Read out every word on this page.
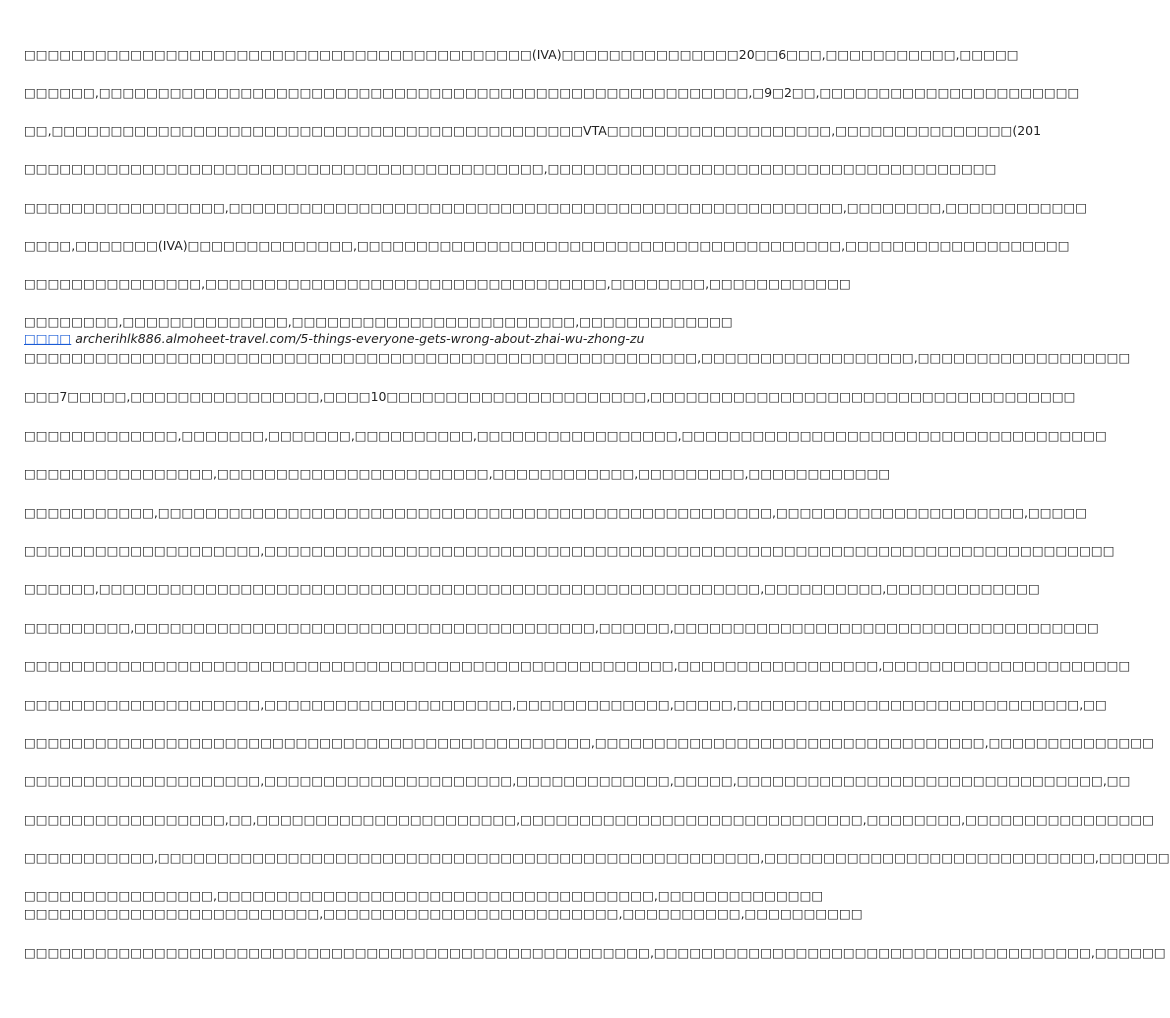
□□□□□□□□□□□□□□□□□□□□□□□□□□□□□□□□□□□□□□□□□□□(IVA)□□□□□□□□□□□□□□□20□□6□□□,□□□□□□□□□□□,□□□□□

□□□□□□,□□□□□□□□□□□□□□□□□□□□□□□□□□□□□□□□□□□□□□□□□□□□□□□□□□□□□□□,□9□2□□,□□□□□□□□□□□□□□□□□□□□□□

□□,□□□□□□□□□□□□□□□□□□□□□□□□□□□□□□□□□□□□□□□□□□□□□VTA□□□□□□□□□□□□□□□□□□□,□□□□□□□□□□□□□□□(201

□□□□□□□□□□□□□□□□□□□□□□□□□□□□□□□□□□□□□□□□□□□□,□□□□□□□□□□□□□□□□□□□□□□□□□□□□□□□□□□□□□□

□□□□□□□□□□□□□□□□□,□□□□□□□□□□□□□□□□□□□□□□□□□□□□□□□□□□□□□□□□□□□□□□□□□□□□,□□□□□□□□,□□□□□□□□□□□□

□□□□,□□□□□□□(IVA)□□□□□□□□□□□□□□,□□□□□□□□□□□□□□□□□□□□□□□□□□□□□□□□□□□□□□□□□,□□□□□□□□□□□□□□□□□□□

□□□□□□□□□□□□□□□,□□□□□□□□□□□□□□□□□□□□□□□□□□□□□□□□□□,□□□□□□□□,□□□□□□□□□□□□

□□□□□□□□,□□□□□□□□□□□□□□,□□□□□□□□□□□□□□□□□□□□□□□□,□□□□□□□□□□□□□ □□□□ archerihlk886.almoheet-travel.com/5-things-everyone-gets-wrong-about-zhai-wu-zhong-zu

□□□□□□□□□□□□□□□□□□□□□□□□□□□□□□□□□□□□□□□□□□□□□□□□□□□□□□□□□,□□□□□□□□□□□□□□□□□□,□□□□□□□□□□□□□□□□□□

□□□7□□□□□,□□□□□□□□□□□□□□□□,□□□□10□□□□□□□□□□□□□□□□□□□□□□,□□□□□□□□□□□□□□□□□□□□□□□□□□□□□□□□□□□□

□□□□□□□□□□□□□,□□□□□□□,□□□□□□□,□□□□□□□□□□,□□□□□□□□□□□□□□□□□,□□□□□□□□□□□□□□□□□□□□□□□□□□□□□□□□□□□□

□□□□□□□□□□□□□□□□,□□□□□□□□□□□□□□□□□□□□□□□,□□□□□□□□□□□□,□□□□□□□□□,□□□□□□□□□□□□

□□□□□□□□□□□,□□□□□□□□□□□□□□□□□□□□□□□□□□□□□□□□□□□□□□□□□□□□□□□□□□□□,□□□□□□□□□□□□□□□□□□□□□,□□□□□

□□□□□□□□□□□□□□□□□□□□,□□□□□□□□□□□□□□□□□□□□□□□□□□□□□□□□□□□□□□□□□□□□□□□□□□□□□□□□□□□□□□□□□□□□□□□□

□□□□□□,□□□□□□□□□□□□□□□□□□□□□□□□□□□□□□□□□□□□□□□□□□□□□□□□□□□□□□□□,□□□□□□□□□□,□□□□□□□□□□□□□

□□□□□□□□□,□□□□□□□□□□□□□□□□□□□□□□□□□□□□□□□□□□□□□□□,□□□□□□,□□□□□□□□□□□□□□□□□□□□□□□□□□□□□□□□□□□□

□□□□□□□□□□□□□□□□□□□□□□□□□□□□□□□□□□□□□□□□□□□□□□□□□□□□□□□,□□□□□□□□□□□□□□□□□,□□□□□□□□□□□□□□□□□□□□□

□□□□□□□□□□□□□□□□□□□□,□□□□□□□□□□□□□□□□□□□□□,□□□□□□□□□□□□□,□□□□□,□□□□□□□□□□□□□□□□□□□□□□□□□□□□□,□□

□□□□□□□□□□□□□□□□□□□□□□□□□□□□□□□□□□□□□□□□□□□□□□□□,□□□□□□□□□□□□□□□□□□□□□□□□□□□□□□□□□,□□□□□□□□□□□□□□

□□□□□□□□□□□□□□□□□□□□,□□□□□□□□□□□□□□□□□□□□□,□□□□□□□□□□□□□,□□□□□,□□□□□□□□□□□□□□□□□□□□□□□□□□□□□□□,□□

□□□□□□□□□□□□□□□□□,□□,□□□□□□□□□□□□□□□□□□□□□□,□□□□□□□□□□□□□□□□□□□□□□□□□□□□□,□□□□□□□□,□□□□□□□□□□□□□□□□

□□□□□□□□□□□,□□□□□□□□□□□□□□□□□□□□□□□□□□□□□□□□□□□□□□□□□□□□□□□□□□□,□□□□□□□□□□□□□□□□□□□□□□□□□□□□,□□□□□□

□□□□□□□□□□□□□□□□,□□□□□□□□□□□□□□□□□□□□□□□□□□□□□□□□□□□□□,□□□□□□□□□□□□□□

□□□□□□□□□□□□□□□□□□□□□□□□□,□□□□□□□□□□□□□□□□□□□□□□□□□,□□□□□□□□□□,□□□□□□□□□□

□□□□□□□□□□□□□□□□□□□□□□□□□□□□□□□□□□□□□□□□□□□□□□□□□□□□□,□□□□□□□□□□□□□□□□□□□□□□□□□□□□□□□□□□□□□,□□□□□□
